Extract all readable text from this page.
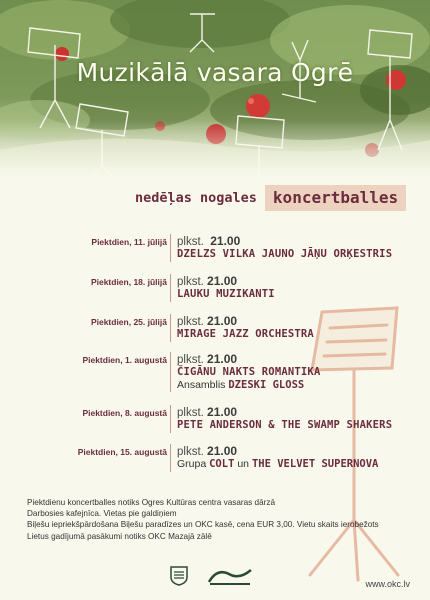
Muzikālā vasara Ogrē
nedēļas nogales	koncertballes
Piektdien, 11. jūlijā plkst. 21.00
DZELZS VILKA JAUNO JĀŅU ORĶESTRIS
Piektdien, 18. jūlijā plkst. 21.00
LAUKU MUZIKANTI
Piektdien, 25. jūlijā plkst. 21.00
MIRAGE JAZZ ORCHESTRA
Piektdien, 1. augustā plkst. 21.00
ČIGĀNU NAKTS ROMANTIKA
Ansamblis DZESKI GLOSS
Piektdien, 8. augustā plkst. 21.00
PETE ANDERSON & THE SWAMP SHAKERS
Piektdien, 15. augustā plkst. 21.00
Grupa COLT un THE VELVET SUPERNOVA
Piektdienu koncertballes notiks Ogres Kultūras centra vasaras dārzā
Darbosies kafejnīca. Vietas pie galdiņiem
Biļešu iepriekšpārdošana Biļešu paradīzes un OKC kasē, cena EUR 3,00. Vietu skaits ierobežots
Lietus gadījumā pasākumi notiks OKC Mazajā zālē
www.okc.lv
